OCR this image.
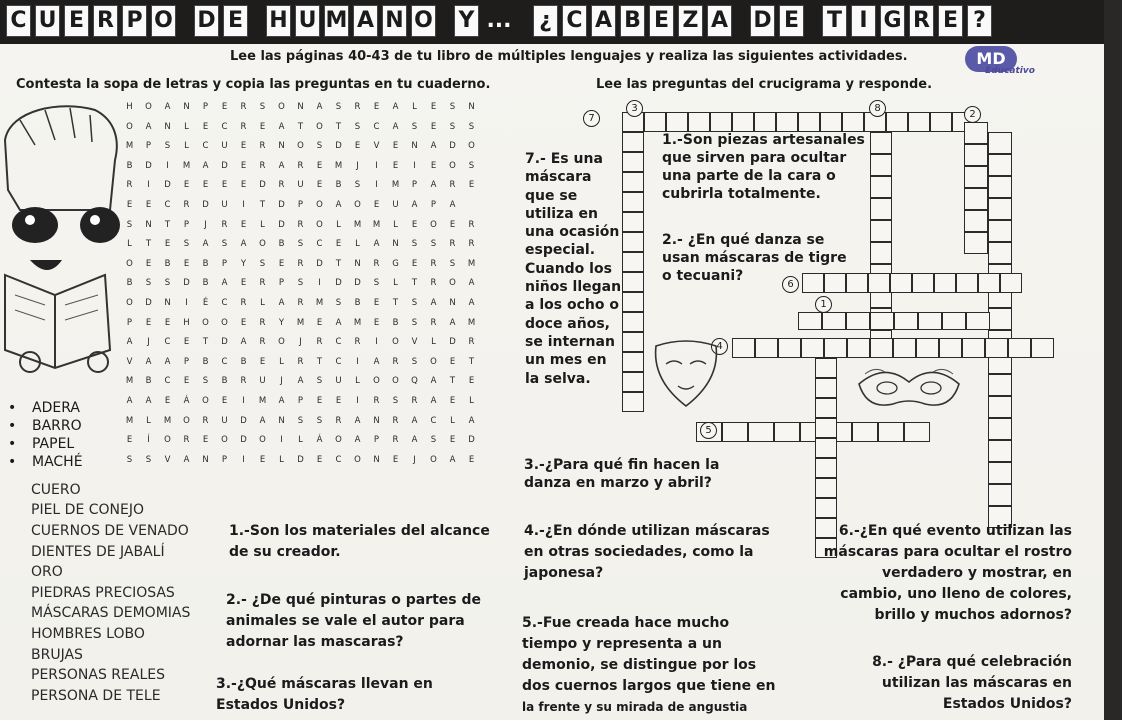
C U E R P O D E H U M A N O Y ... ¿ C A B E Z A D E T I G R E ?
MD
Educativo
Lee las páginas 40-43 de tu libro de múltiples lenguajes y realiza las siguientes actividades.
Contesta la sopa de letras y copia las preguntas en tu cuaderno.	Lee las preguntas del crucigrama y responde.
H	O	A	N	P	E	R	S	O	N	A	S	R	E	A	L	E	S	N
O	A	N	L	E	C	R	E	A	T	O	T	S	C	A	S	E	S	S
M	P	S	L	C	U	E	R	N	O	S	D	E	V	E	N	A	D	O
B	D	I	M	A	D	E	R	A	R	E	M	J	I	E	I	E	O	S
R	I	D	E	E	E	E	D	R	U	E	B	S	I	M	P	A	R	E
E	E	C	R	D	U	I	T	D	P	O	A	O	E	U	A	P	A
S	N	T	P	J	R	E	L	D	R	O	L	M	M	L	E	O	E	R
L	T	E	S	A	S	A	O	B	S	C	E	L	A	N	S	S	R	R
O	E	B	E	B	P	Y	S	E	R	D	T	N	R	G	E	R	S	M
B	S	S	D	B	A	E	R	P	S	I	D	D	S	L	T	R	O	A
O	D	N	I	É	C	R	L	A	R	M	S	B	E	T	S	A	N	A
P	E	E	H	O	O	E	R	Y	M	E	A	M	E	B	S	R	A	M
A	J	C	E	T	D	A	R	O	J	R	C	R	I	O	V	L	D	R
V	A	A	P	B	C	B	E	L	R	T	C	I	A	R	S	O	E	T
M	B	C	E	S	B	R	U	J	A	S	U	L	O	O	Q	A	T	E
A	A	E	Á	O	E	I	M	A	P	E	E	I	R	S	R	A	E	L
M	L	M	O	R	U	D	A	N	S	S	R	A	N	R	A	C	L	A
E	Í	O	R	E	O	D	O	I	L	Á	O	A	P	R	A	S	E	D
S	S	V	A	N	P	I	E	L	D	E	C	O	N	E	J	O	A	E
• ADERA
• BARRO
• PAPEL
• MACHÉ
CUERO
PIEL DE CONEJO
CUERNOS DE VENADO
DIENTES DE JABALÍ
ORO
PIEDRAS PRECIOSAS
MÁSCARAS DEMOMIAS
HOMBRES LOBO
BRUJAS
PERSONAS REALES
PERSONA DE TELE
7.- Es una
máscara
que se
utiliza en
una ocasión
especial.
Cuando los
niños llegan
a los ocho o
doce años,
se internan
un mes en
la selva.
8
7
6
1
4
5
3
2
1.-Son piezas artesanales
que sirven para ocultar
una parte de la cara o
cubrirla totalmente.
2.- ¿En qué danza se
usan máscaras de tigre
o tecuani?
3.-¿Para qué fin hacen la
danza en marzo y abril?
1.-Son los materiales del alcance
de su creador.
2.- ¿De qué pinturas o partes de
animales se vale el autor para
adornar las mascaras?
3.-¿Qué máscaras llevan en
Estados Unidos?
4.-¿En dónde utilizan máscaras
en otras sociedades, como la
japonesa?
5.-Fue creada hace mucho
tiempo y representa a un
demonio, se distingue por los
dos cuernos largos que tiene en
la frente y su mirada de angustia
6.-¿En qué evento utilizan las
máscaras para ocultar el rostro
verdadero y mostrar, en
cambio, uno lleno de colores,
brillo y muchos adornos?
8.- ¿Para qué celebración
utilizan las máscaras en
Estados Unidos?
